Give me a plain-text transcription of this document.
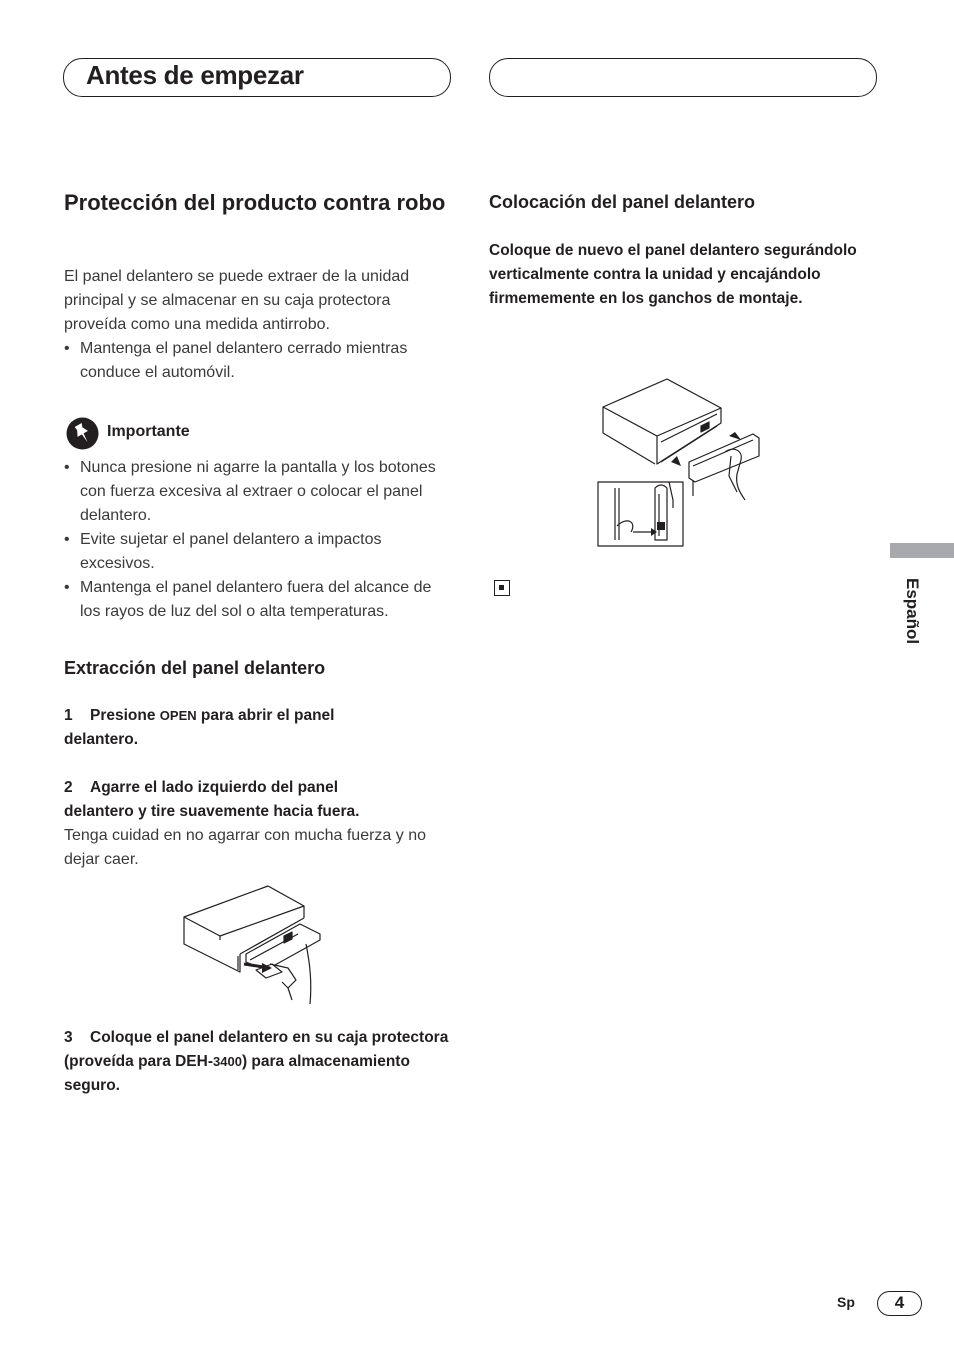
Antes de empezar
Protección del producto contra robo

El panel delantero se puede extraer de la unidad principal y se almacenar en su caja protectora proveída como una medida antirrobo.

• Mantenga el panel delantero cerrado mientras conduce el automóvil.
Importante
• Nunca presione ni agarre la pantalla y los botones con fuerza excesiva al extraer o colocar el panel delantero.
• Evite sujetar el panel delantero a impactos excesivos.
• Mantenga el panel delantero fuera del alcance de los rayos de luz del sol o alta temperaturas.
Extracción del panel delantero
1 Presione OPEN para abrir el panel delantero.

2 Agarre el lado izquierdo del panel delantero y tire suavemente hacia fuera.

Tenga cuidad en no agarrar con mucha fuerza y no dejar caer.

3 Coloque el panel delantero en su caja protectora (proveída para DEH-3400) para almacenamiento seguro.
Colocación del panel delantero
Coloque de nuevo el panel delantero segurándolo verticalmente contra la unidad y encajándolo firmememente en los ganchos de montaje.
Español
Sp	4
